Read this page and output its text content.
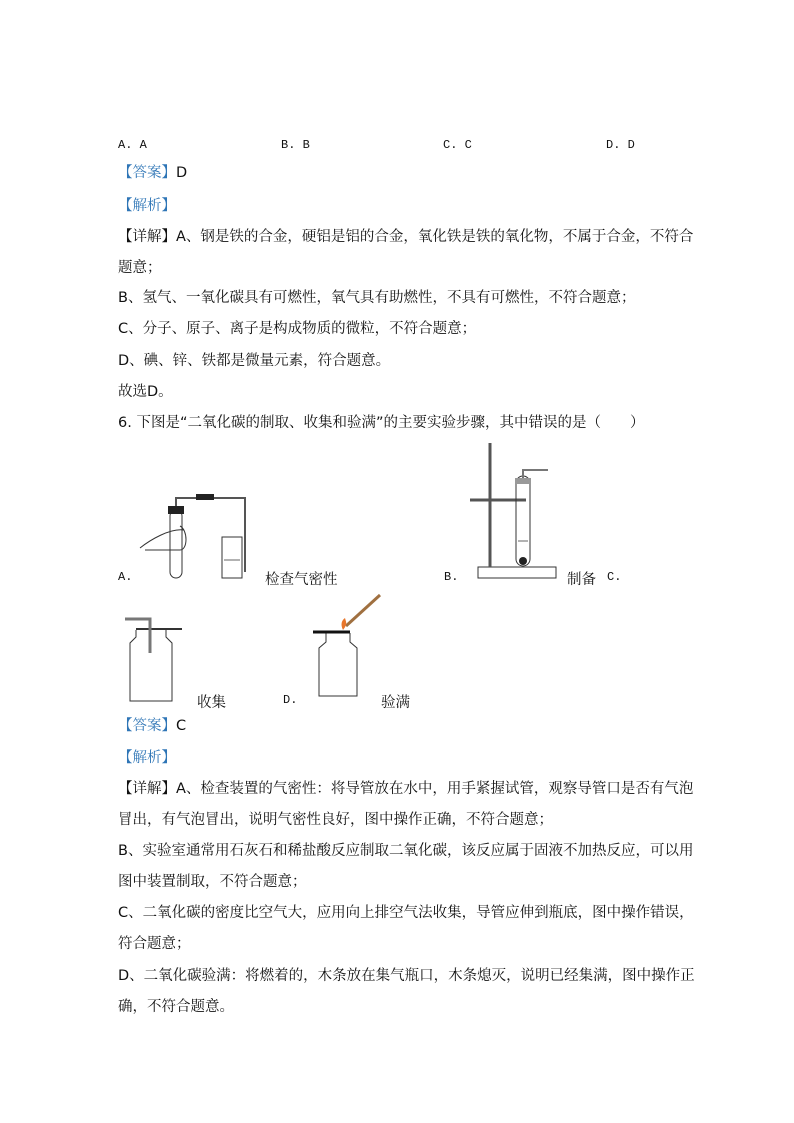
A. A	B. B	C. C	D. D
【答案】D
【解析】
【详解】A、钢是铁的合金，硬铝是铝的合金，氧化铁是铁的氧化物，不属于合金，不符合
题意；
B、氢气、一氧化碳具有可燃性，氧气具有助燃性，不具有可燃性，不符合题意；
C、分子、原子、离子是构成物质的微粒，不符合题意；
D、碘、锌、铁都是微量元素，符合题意。
故选D。
6. 下图是“二氧化碳的制取、收集和验满”的主要实验步骤，其中错误的是（　　）
A.	检查气密性	B.	制备 C.
收集	D.	验满
【答案】C
【解析】
【详解】A、检查装置的气密性：将导管放在水中，用手紧握试管，观察导管口是否有气泡
冒出，有气泡冒出，说明气密性良好，图中操作正确，不符合题意；
B、实验室通常用石灰石和稀盐酸反应制取二氧化碳，该反应属于固液不加热反应，可以用
图中装置制取，不符合题意；
C、二氧化碳的密度比空气大，应用向上排空气法收集，导管应伸到瓶底，图中操作错误，
符合题意；
D、二氧化碳验满：将燃着的，木条放在集气瓶口，木条熄灭，说明已经集满，图中操作正
确，不符合题意。
